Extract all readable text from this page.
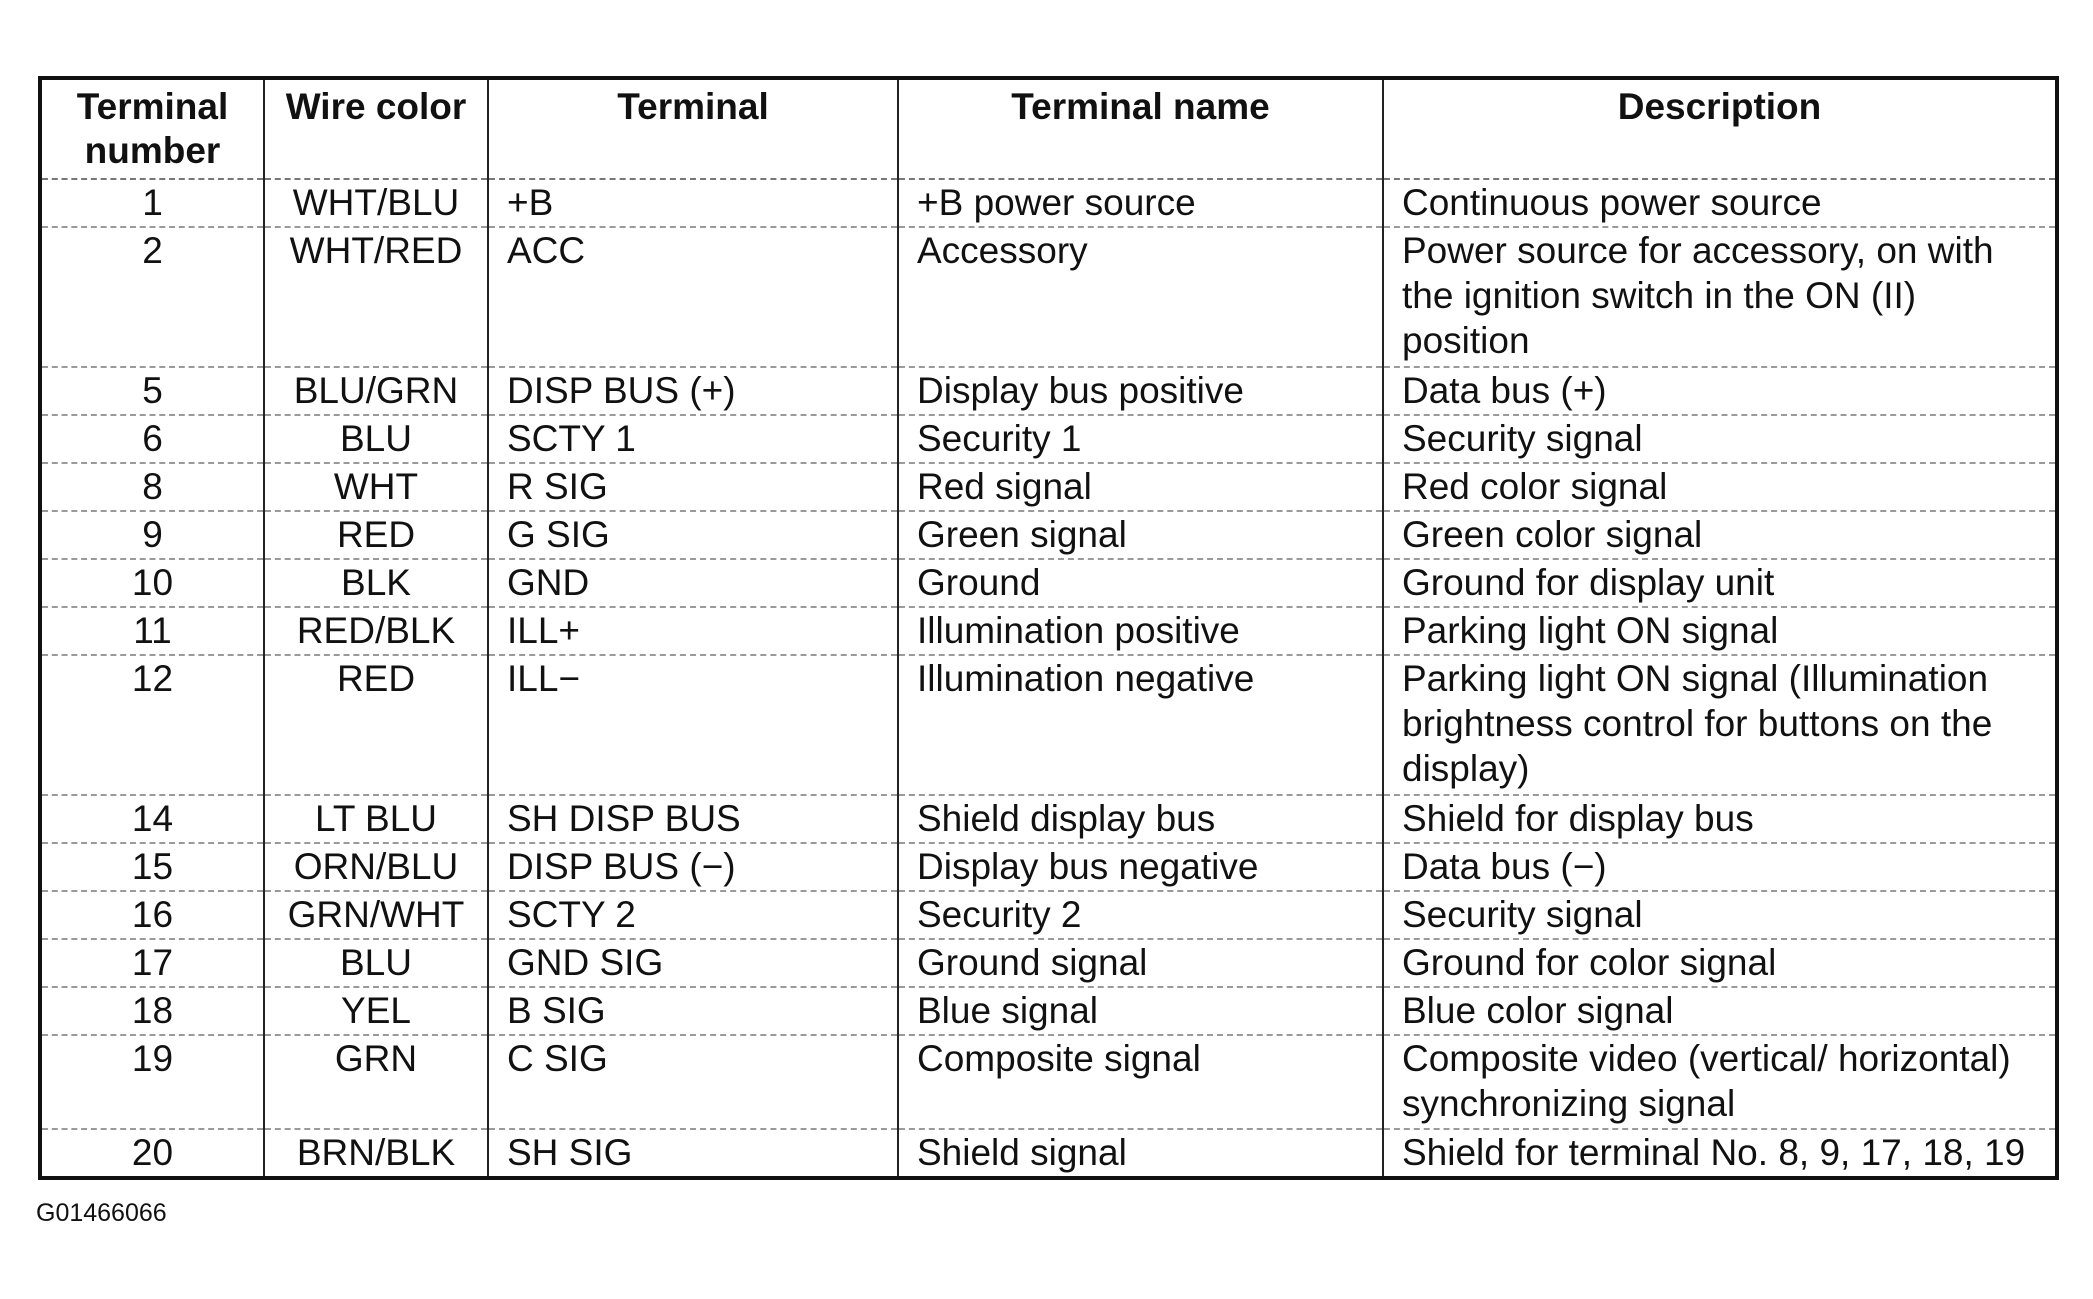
Terminal number	Wire color	Terminal	Terminal name	Description
1	WHT/BLU	+B	+B power source	Continuous power source
2	WHT/RED	ACC	Accessory	Power source for accessory, on with the ignition switch in the ON (II) position
5	BLU/GRN	DISP BUS (+)	Display bus positive	Data bus (+)
6	BLU	SCTY 1	Security 1	Security signal
8	WHT	R SIG	Red signal	Red color signal
9	RED	G SIG	Green signal	Green color signal
10	BLK	GND	Ground	Ground for display unit
11	RED/BLK	ILL+	Illumination positive	Parking light ON signal
12	RED	ILL−	Illumination negative	Parking light ON signal (Illumination brightness control for buttons on the display)
14	LT BLU	SH DISP BUS	Shield display bus	Shield for display bus
15	ORN/BLU	DISP BUS (−)	Display bus negative	Data bus (−)
16	GRN/WHT	SCTY 2	Security 2	Security signal
17	BLU	GND SIG	Ground signal	Ground for color signal
18	YEL	B SIG	Blue signal	Blue color signal
19	GRN	C SIG	Composite signal	Composite video (vertical/ horizontal) synchronizing signal
20	BRN/BLK	SH SIG	Shield signal	Shield for terminal No. 8, 9, 17, 18, 19
G01466066
